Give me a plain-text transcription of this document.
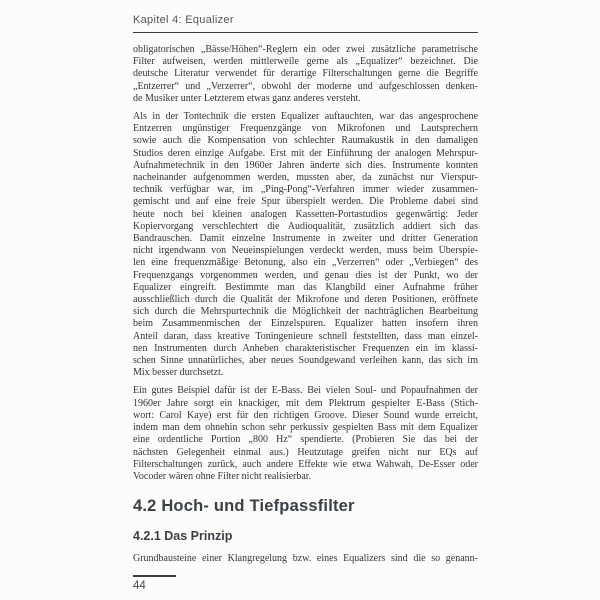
Kapitel 4: Equalizer
obligatorischen „Bässe/Höhen“-Reglern ein oder zwei zusätzliche parametrische
Filter aufweisen, werden mittlerweile gerne als „Equalizer“ bezeichnet. Die
deutsche Literatur verwendet für derartige Filterschaltungen gerne die Begriffe
„Entzerrer“ und „Verzerrer“, obwohl der moderne und aufgeschlossen denken-
de Musiker unter Letzterem etwas ganz anderes versteht.
Als in der Tontechnik die ersten Equalizer auftauchten, war das angesprochene
Entzerren ungünstiger Frequenzgänge von Mikrofonen und Lautsprechern
sowie auch die Kompensation von schlechter Raumakustik in den damaligen
Studios deren einzige Aufgabe. Erst mit der Einführung der analogen Mehrspur-
Aufnahmetechnik in den 1960er Jahren änderte sich dies. Instrumente konnten
nacheinander aufgenommen werden, mussten aber, da zunächst nur Vierspur-
technik verfügbar war, im „Ping-Pong“-Verfahren immer wieder zusammen-
gemischt und auf eine freie Spur überspielt werden. Die Probleme dabei sind
heute noch bei kleinen analogen Kassetten-Portastudios gegenwärtig: Jeder
Kopiervorgang verschlechtert die Audioqualität, zusätzlich addiert sich das
Bandrauschen. Damit einzelne Instrumente in zweiter und dritter Generation
nicht irgendwann von Neueinspielungen verdeckt werden, muss beim Überspie-
len eine frequenzmäßige Betonung, also ein „Verzerren“ oder „Verbiegen“ des
Frequenzgangs vorgenommen werden, und genau dies ist der Punkt, wo der
Equalizer eingreift. Bestimmte man das Klangbild einer Aufnahme früher
ausschließlich durch die Qualität der Mikrofone und deren Positionen, eröffnete
sich durch die Mehrspurtechnik die Möglichkeit der nachträglichen Bearbeitung
beim Zusammenmischen der Einzelspuren. Equalizer hatten insofern ihren
Anteil daran, dass kreative Toningenieure schnell feststellten, dass man einzel-
nen Instrumenten durch Anheben charakteristischer Frequenzen ein im klassi-
schen Sinne unnatürliches, aber neues Soundgewand verleihen kann, das sich im
Mix besser durchsetzt.
Ein gutes Beispiel dafür ist der E-Bass. Bei vielen Soul- und Popaufnahmen der
1960er Jahre sorgt ein knackiger, mit dem Plektrum gespielter E-Bass (Stich-
wort: Carol Kaye) erst für den richtigen Groove. Dieser Sound wurde erreicht,
indem man dem ohnehin schon sehr perkussiv gespielten Bass mit dem Equalizer
eine ordentliche Portion „800 Hz“ spendierte. (Probieren Sie das bei der
nächsten Gelegenheit einmal aus.) Heutzutage greifen nicht nur EQs auf
Filterschaltungen zurück, auch andere Effekte wie etwa Wahwah, De-Esser oder
Vocoder wären ohne Filter nicht realisierbar.
4.2 Hoch- und Tiefpassfilter
4.2.1 Das Prinzip
Grundbausteine einer Klangregelung bzw. eines Equalizers sind die so genann-
44
